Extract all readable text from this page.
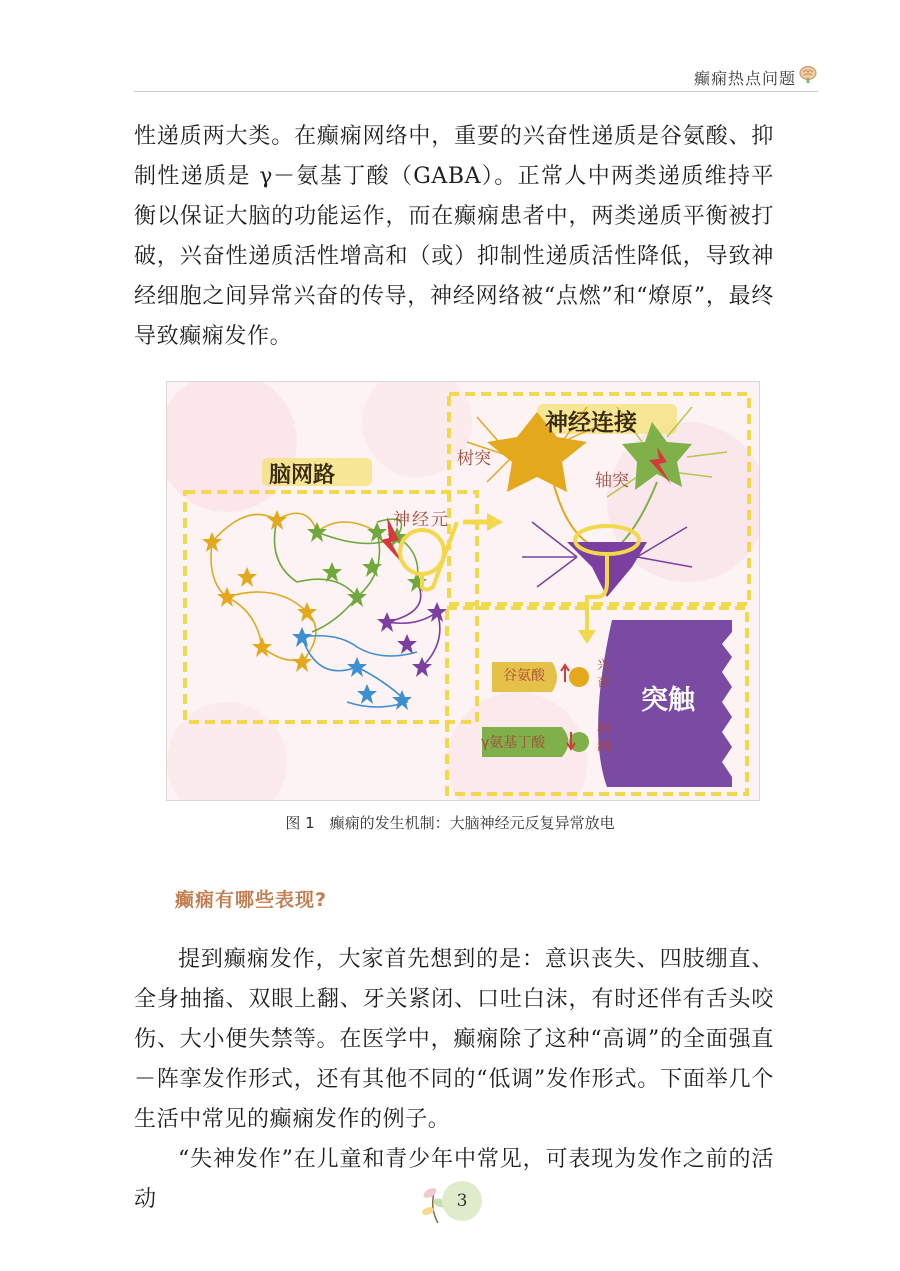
癫痫热点问题

性递质两大类。在癫痫网络中，重要的兴奋性递质是谷氨酸、抑制性递质是 γ－氨基丁酸（GABA）。正常人中两类递质维持平衡以保证大脑的功能运作，而在癫痫患者中，两类递质平衡被打破，兴奋性递质活性增高和（或）抑制性递质活性降低，导致神经细胞之间异常兴奋的传导，神经网络被“点燃”和“燎原”，最终导致癫痫发作。

脑网路
神经元
神经连接
树突
轴突
突触
谷氨酸
γ氨基丁酸
兴奋
抑制
图 1　癫痫的发生机制：大脑神经元反复异常放电
癫痫有哪些表现?

提到癫痫发作，大家首先想到的是：意识丧失、四肢绷直、全身抽搐、双眼上翻、牙关紧闭、口吐白沫，有时还伴有舌头咬伤、大小便失禁等。在医学中，癫痫除了这种“高调”的全面强直－阵挛发作形式，还有其他不同的“低调”发作形式。下面举几个生活中常见的癫痫发作的例子。

“失神发作”在儿童和青少年中常见，可表现为发作之前的活动	3
